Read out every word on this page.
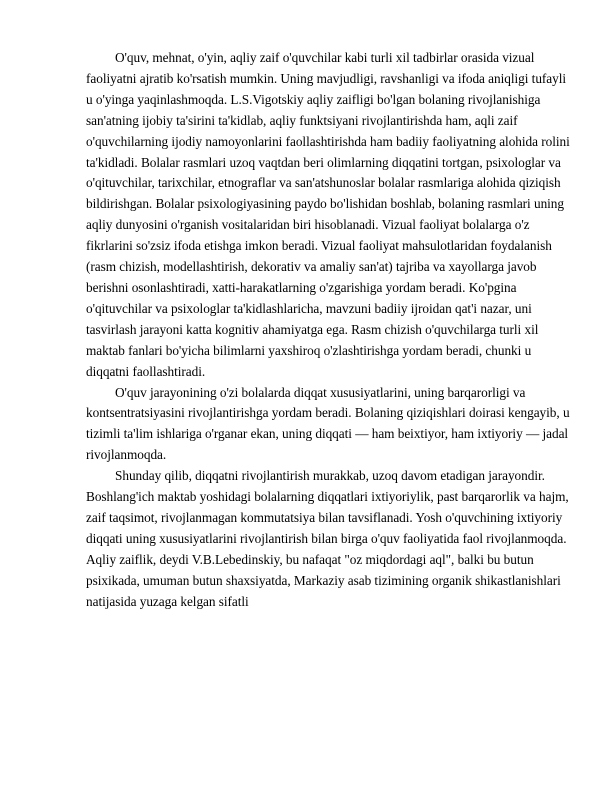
O'quv, mehnat, o'yin, aqliy zaif o'quvchilar kabi turli xil tadbirlar orasida vizual faoliyatni ajratib ko'rsatish mumkin. Uning mavjudligi, ravshanligi va ifoda aniqligi tufayli u o'yinga yaqinlashmoqda. L.S.Vigotskiy aqliy zaifligi bo'lgan bolaning rivojlanishiga san'atning ijobiy ta'sirini ta'kidlab, aqliy funktsiyani rivojlantirishda ham, aqli zaif o'quvchilarning ijodiy namoyonlarini faollashtirishda ham badiiy faoliyatning alohida rolini ta'kidladi. Bolalar rasmlari uzoq vaqtdan beri olimlarning diqqatini tortgan, psixologlar va o'qituvchilar, tarixchilar, etnograflar va san'atshunoslar bolalar rasmlariga alohida qiziqish bildirishgan. Bolalar psixologiyasining paydo bo'lishidan boshlab, bolaning rasmlari uning aqliy dunyosini o'rganish vositalaridan biri hisoblanadi. Vizual faoliyat bolalarga o'z fikrlarini so'zsiz ifoda etishga imkon beradi. Vizual faoliyat mahsulotlaridan foydalanish (rasm chizish, modellashtirish, dekorativ va amaliy san'at) tajriba va xayollarga javob berishni osonlashtiradi, xatti-harakatlarning o'zgarishiga yordam beradi. Ko'pgina o'qituvchilar va psixologlar ta'kidlashlaricha, mavzuni badiiy ijroidan qat'i nazar, uni tasvirlash jarayoni katta kognitiv ahamiyatga ega. Rasm chizish o'quvchilarga turli xil maktab fanlari bo'yicha bilimlarni yaxshiroq o'zlashtirishga yordam beradi, chunki u diqqatni faollashtiradi.

O'quv jarayonining o'zi bolalarda diqqat xususiyatlarini, uning barqarorligi va kontsentratsiyasini rivojlantirishga yordam beradi. Bolaning qiziqishlari doirasi kengayib, u tizimli ta'lim ishlariga o'rganar ekan, uning diqqati — ham beixtiyor, ham ixtiyoriy — jadal rivojlanmoqda.

Shunday qilib, diqqatni rivojlantirish murakkab, uzoq davom etadigan jarayondir. Boshlang'ich maktab yoshidagi bolalarning diqqatlari ixtiyoriylik, past barqarorlik va hajm, zaif taqsimot, rivojlanmagan kommutatsiya bilan tavsiflanadi. Yosh o'quvchining ixtiyoriy diqqati uning xususiyatlarini rivojlantirish bilan birga o'quv faoliyatida faol rivojlanmoqda. Aqliy zaiflik, deydi V.B.Lebedinskiy, bu nafaqat "oz miqdordagi aql", balki bu butun psixikada, umuman butun shaxsiyatda, Markaziy asab tizimining organik shikastlanishlari natijasida yuzaga kelgan sifatli
